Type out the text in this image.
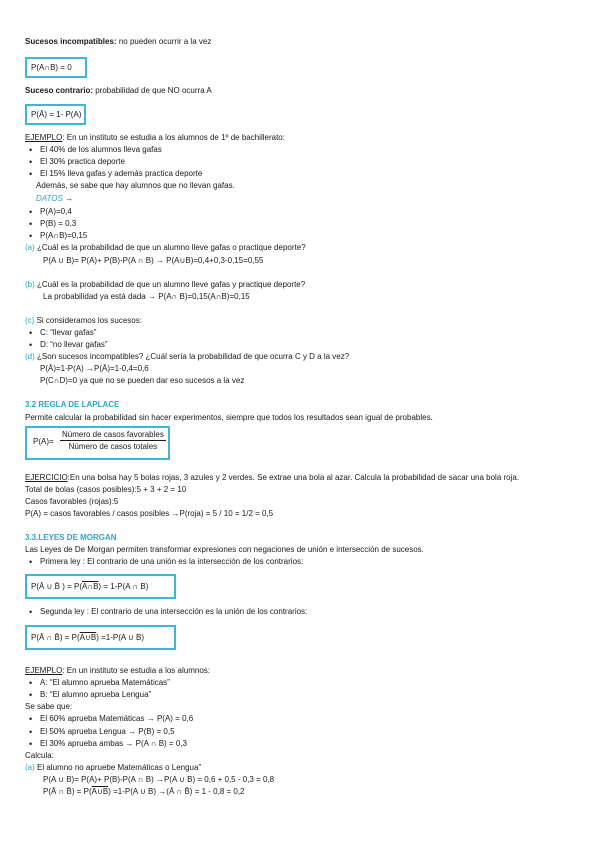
Sucesos incompatibles: no pueden ocurrir a la vez
P(A∩B) = 0
Suceso contrario: probabilidad de que NO ocurra A
P(Ā) = 1- P(A)
EJEMPLO: En un instituto se estudia a los alumnos de 1º de bachillerato:
• El 40% de los alumnos lleva gafas
• El 30% practica deporte
• El 15% lleva gafas y además practica deporte
Además, se sabe que hay alumnos que no llevan gafas.
DATOS →
• P(A)=0,4
• P(B) = 0,3
• P(A∩B)=0,15
(a) ¿Cuál es la probabilidad de que un alumno lleve gafas o practique deporte?
P(A ∪ B)= P(A)+ P(B)-P(A ∩ B) → P(A∪B)=0,4+0,3-0,15=0,55
(b) ¿Cuál es la probabilidad de que un alumno lleve gafas y practique deporte?
La probabilidad ya está dada → P(A∩ B)=0,15(A∩B)=0,15
(c) Si consideramos los sucesos:
• C: “llevar gafas”
• D: “no llevar gafas”
(d) ¿Son sucesos incompatibles? ¿Cuál sería la probabilidad de que ocurra C y D a la vez?
P(Ā)=1-P(A) →P(Ā)=1-0,4=0,6
P(C∩D)=0 ya que no se pueden dar eso sucesos a la vez
3.2 REGLA DE LAPLACE
Permite calcular la probabilidad sin hacer experimentos, siempre que todos los resultados sean igual de probables.
P(A)=
Número de casos favorables
Número de casos totales
EJERCICIO:En una bolsa hay 5 bolas rojas, 3 azules y 2 verdes. Se extrae una bola al azar. Calcula la probabilidad de sacar una bola roja.
Total de bolas (casos posibles):5 + 3 + 2 = 10
Casos favorables (rojas):5
P(A) = casos favorables / casos posibles →P(roja) = 5 / 10 = 1/2 = 0,5
3.3.LEYES DE MORGAN
Las Leyes de De Morgan permiten transformar expresiones con negaciones de unión e intersección de sucesos.
• Primera ley : El contrario de una unión es la intersección de los contrarios:
P(Ā ∪ B̄ ) = P(A∩B) = 1-P(A ∩ B)
• Segunda ley : El contrario de una intersección es la unión de los contrarios:
P(Ā ∩ B̄) = P(A∪B) =1-P(A ∪ B)
EJEMPLO: En un instituto se estudia a los alumnos:
• A: “El alumno aprueba Matemáticas”
• B: “El alumno aprueba Lengua”
Se sabe que:
• El 60% aprueba Matemáticas → P(A) = 0,6
• El 50% aprueba Lengua → P(B) = 0,5
• El 30% aprueba ambas → P(A ∩ B) = 0,3
Calcula:
(a) El alumno no apruebe Matemáticas o Lengua”
P(A ∪ B)= P(A)+ P(B)-P(A ∩ B) →P(A ∪ B) = 0,6 + 0,5 - 0,3 = 0,8
P(Ā ∩ B̄) = P(A∪B) =1-P(A ∪ B) →(Ā ∩ B̄) = 1 - 0,8 = 0,2
